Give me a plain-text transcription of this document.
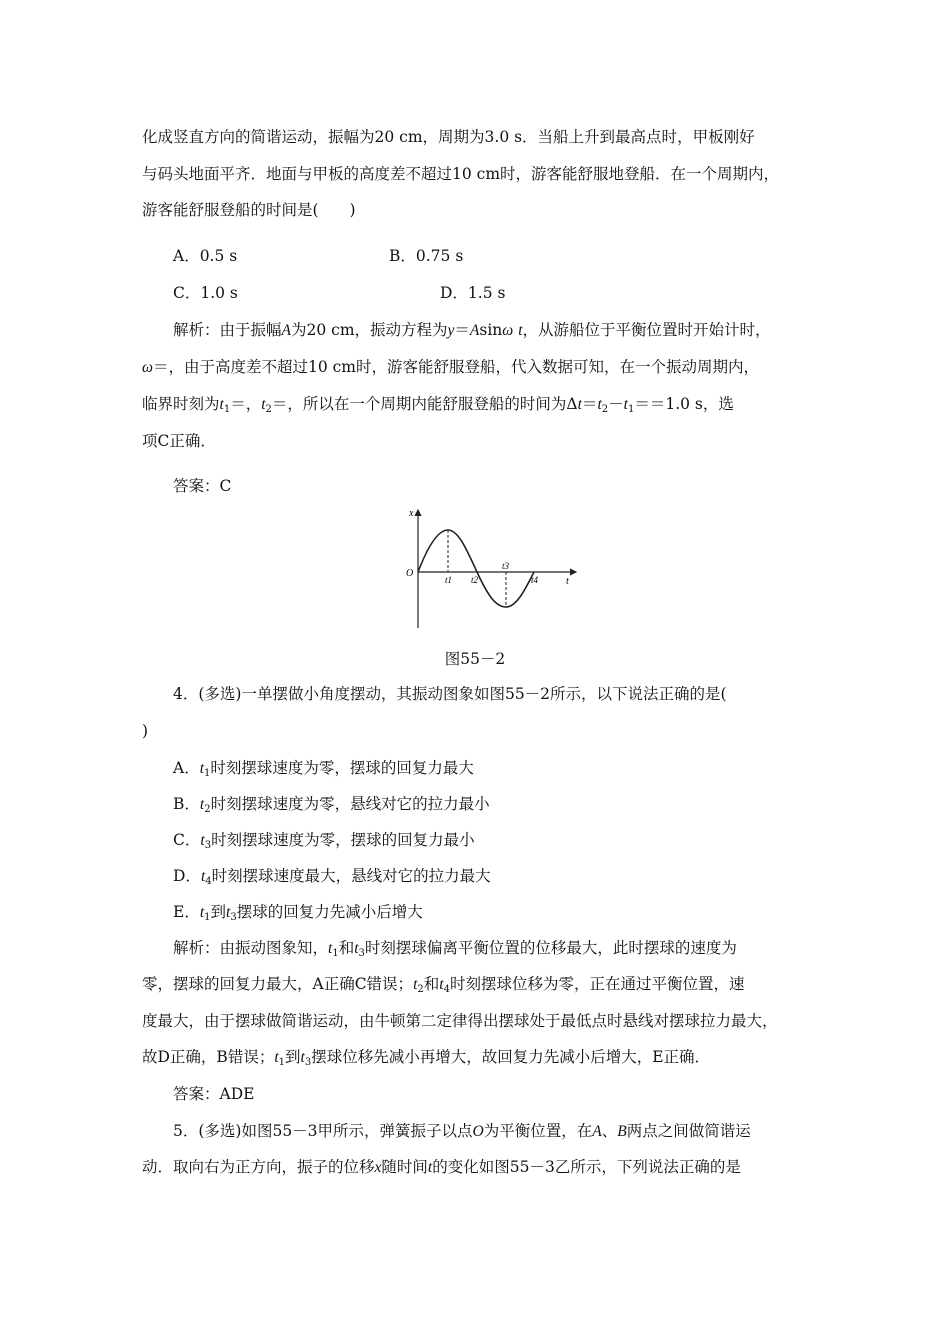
化成竖直方向的简谐运动，振幅为20 cm，周期为3.0 s．当船上升到最高点时，甲板刚好
与码头地面平齐．地面与甲板的高度差不超过10 cm时，游客能舒服地登船．在一个周期内，
游客能舒服登船的时间是(　　)
A．0.5 s	B．0.75 s
C．1.0 s	D．1.5 s
解析：由于振幅A为20 cm，振动方程为y＝Asinω t，从游船位于平衡位置时开始计时，
ω＝，由于高度差不超过10 cm时，游客能舒服登船，代入数据可知，在一个振动周期内，
临界时刻为$t_1=$，$t_2=$，所以在一个周期内能舒服登船的时间为$\Delta t=t_2-t_1==1.0$ s，选
项C正确．
答案：C
x
t
O
t1 t2
t3
t4
图55－2
4．(多选)一单摆做小角度摆动，其振动图象如图55－2所示，以下说法正确的是(
)
A．$t_1$时刻摆球速度为零，摆球的回复力最大
B．$t_2$时刻摆球速度为零，悬线对它的拉力最小
C．$t_3$时刻摆球速度为零，摆球的回复力最小
D．$t_4$时刻摆球速度最大，悬线对它的拉力最大
E．$t_1$到$t_3$摆球的回复力先减小后增大
解析：由振动图象知，$t_1$和$t_3$时刻摆球偏离平衡位置的位移最大，此时摆球的速度为
零，摆球的回复力最大，A正确C错误；$t_2$和$t_4$时刻摆球位移为零，正在通过平衡位置，速
度最大，由于摆球做简谐运动，由牛顿第二定律得出摆球处于最低点时悬线对摆球拉力最大，
故D正确，B错误；$t_1$到$t_3$摆球位移先减小再增大，故回复力先减小后增大，E正确．
答案：ADE
5．(多选)如图55－3甲所示，弹簧振子以点O为平衡位置，在A、B两点之间做简谐运
动．取向右为正方向，振子的位移x随时间t的变化如图55－3乙所示，下列说法正确的是
